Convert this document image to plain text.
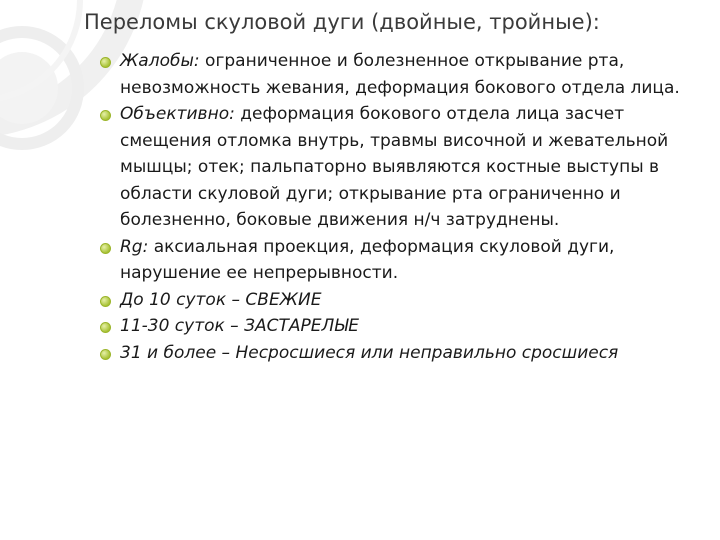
Переломы скуловой дуги (двойные, тройные):
Жалобы: ограниченное и болезненное открывание рта, невозможность жевания, деформация бокового отдела лица.
Объективно: деформация бокового отдела лица засчет смещения отломка внутрь, травмы височной и жевательной мышцы; отек; пальпаторно выявляются костные выступы в области скуловой дуги; открывание рта ограниченно и болезненно, боковые движения н/ч затруднены.
Rg: аксиальная проекция, деформация скуловой дуги, нарушение ее непрерывности.
До 10 суток – СВЕЖИЕ
11-30 суток – ЗАСТАРЕЛЫЕ
31 и более – Несросшиеся или неправильно сросшиеся
